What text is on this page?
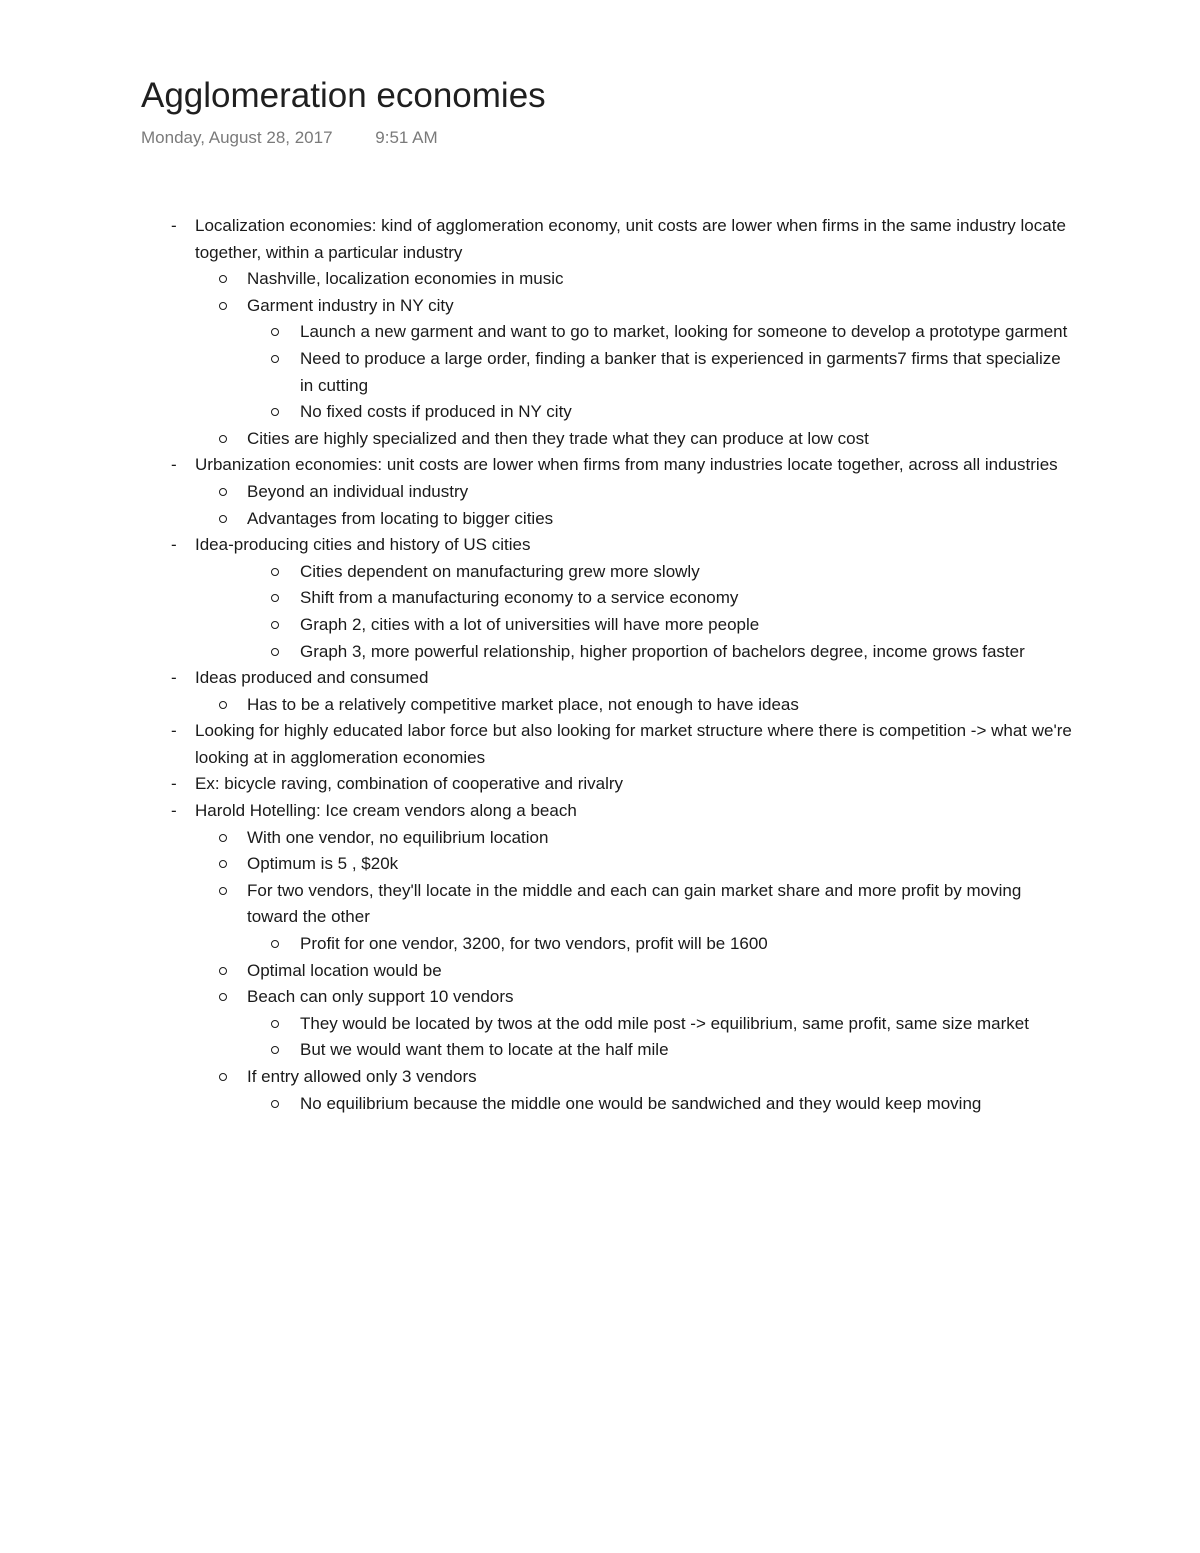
Agglomeration economies
Monday, August 28, 2017	9:51 AM
- Localization economies: kind of agglomeration economy, unit costs are lower when firms in the same industry locate together, within a particular industry
Nashville, localization economies in music
Garment industry in NY city
Launch a new garment and want to go to market, looking for someone to develop a prototype garment
Need to produce a large order, finding a banker that is experienced in garments7 firms that specialize in cutting
No fixed costs if produced in NY city
Cities are highly specialized and then they trade what they can produce at low cost
- Urbanization economies: unit costs are lower when firms from many industries locate together, across all industries
Beyond an individual industry
Advantages from locating to bigger cities
- Idea-producing cities and history of US cities
Cities dependent on manufacturing grew more slowly
Shift from a manufacturing economy to a service economy
Graph 2, cities with a lot of universities will have more people
Graph 3, more powerful relationship, higher proportion of bachelors degree, income grows faster
- Ideas produced and consumed
Has to be a relatively competitive market place, not enough to have ideas
- Looking for highly educated labor force but also looking for market structure where there is competition -> what we're looking at in agglomeration economies
- Ex: bicycle raving, combination of cooperative and rivalry
- Harold Hotelling: Ice cream vendors along a beach
With one vendor, no equilibrium location
Optimum is 5 , $20k
For two vendors, they'll locate in the middle and each can gain market share and more profit by moving toward the other
Profit for one vendor, 3200, for two vendors, profit will be 1600
Optimal location would be
Beach can only support 10 vendors
They would be located by twos at the odd mile post -> equilibrium, same profit, same size market
But we would want them to locate at the half mile
If entry allowed only 3 vendors
No equilibrium because the middle one would be sandwiched and they would keep moving
